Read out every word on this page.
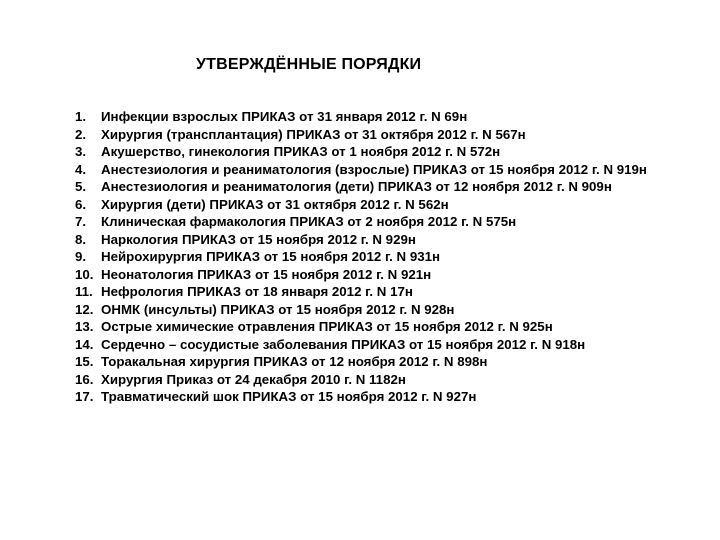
УТВЕРЖДЁННЫЕ ПОРЯДКИ
1.	Инфекции взрослых ПРИКАЗ от 31 января 2012 г. N 69н
2.	Хирургия (трансплантация) ПРИКАЗ от 31 октября 2012 г. N 567н
3.	Акушерство, гинекология ПРИКАЗ от 1 ноября 2012 г. N 572н
4.	Анестезиология и реаниматология (взрослые) ПРИКАЗ от 15 ноября 2012 г. N 919н
5.	Анестезиология и реаниматология (дети) ПРИКАЗ от 12 ноября 2012 г. N 909н
6.	Хирургия (дети) ПРИКАЗ от 31 октября 2012 г. N 562н
7.	Клиническая фармакология ПРИКАЗ от 2 ноября 2012 г. N 575н
8.	Наркология ПРИКАЗ от 15 ноября 2012 г. N 929н
9.	Нейрохирургия ПРИКАЗ от 15 ноября 2012 г. N 931н
10. Неонатология ПРИКАЗ от 15 ноября 2012 г. N 921н
11. Нефрология ПРИКАЗ от 18 января 2012 г. N 17н
12. ОНМК (инсульты) ПРИКАЗ от 15 ноября 2012 г. N 928н
13. Острые химические отравления ПРИКАЗ от 15 ноября 2012 г. N 925н
14. Сердечно – сосудистые заболевания ПРИКАЗ от 15 ноября 2012 г. N 918н
15. Торакальная хирургия ПРИКАЗ от 12 ноября 2012 г. N 898н
16. Хирургия Приказ от 24 декабря 2010 г. N 1182н
17. Травматический шок ПРИКАЗ от 15 ноября 2012 г. N 927н
